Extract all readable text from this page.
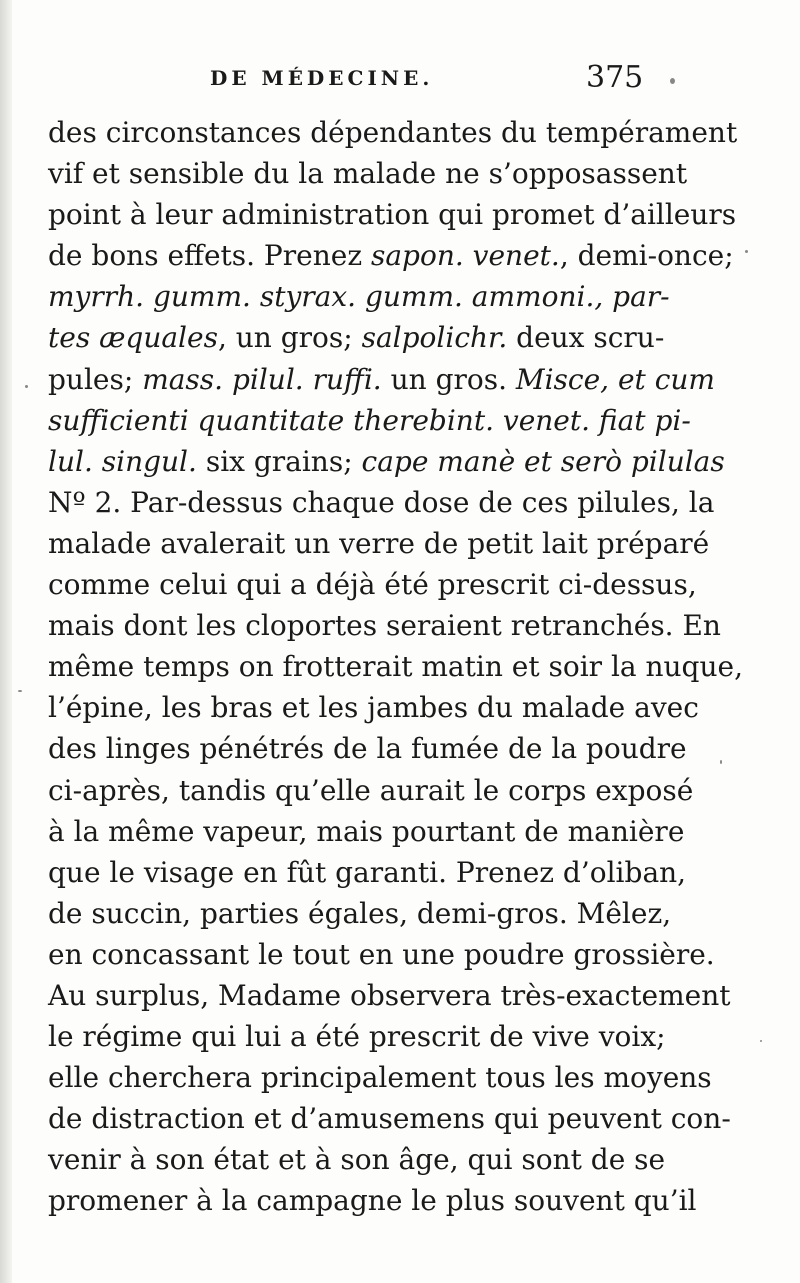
DE MÉDECINE.	375
des circonstances dépendantes du tempérament
vif et sensible du la malade ne s’opposassent
point à leur administration qui promet d’ailleurs
de bons effets. Prenez sapon. venet., demi-once;
myrrh. gumm. styrax. gumm. ammoni., par-
tes æquales, un gros; salpolichr. deux scru-
pules; mass. pilul. ruffi. un gros. Misce, et cum
sufficienti quantitate therebint. venet. fiat pi-
lul. singul. six grains; cape manè et serò pilulas
Nº 2. Par-dessus chaque dose de ces pilules, la
malade avalerait un verre de petit lait préparé
comme celui qui a déjà été prescrit ci-dessus,
mais dont les cloportes seraient retranchés. En
même temps on frotterait matin et soir la nuque,
l’épine, les bras et les jambes du malade avec
des linges pénétrés de la fumée de la poudre
ci-après, tandis qu’elle aurait le corps exposé
à la même vapeur, mais pourtant de manière
que le visage en fût garanti. Prenez d’oliban,
de succin, parties égales, demi-gros. Mêlez,
en concassant le tout en une poudre grossière.
Au surplus, Madame observera très-exactement
le régime qui lui a été prescrit de vive voix;
elle cherchera principalement tous les moyens
de distraction et d’amusemens qui peuvent con-
venir à son état et à son âge, qui sont de se
promener à la campagne le plus souvent qu’il
